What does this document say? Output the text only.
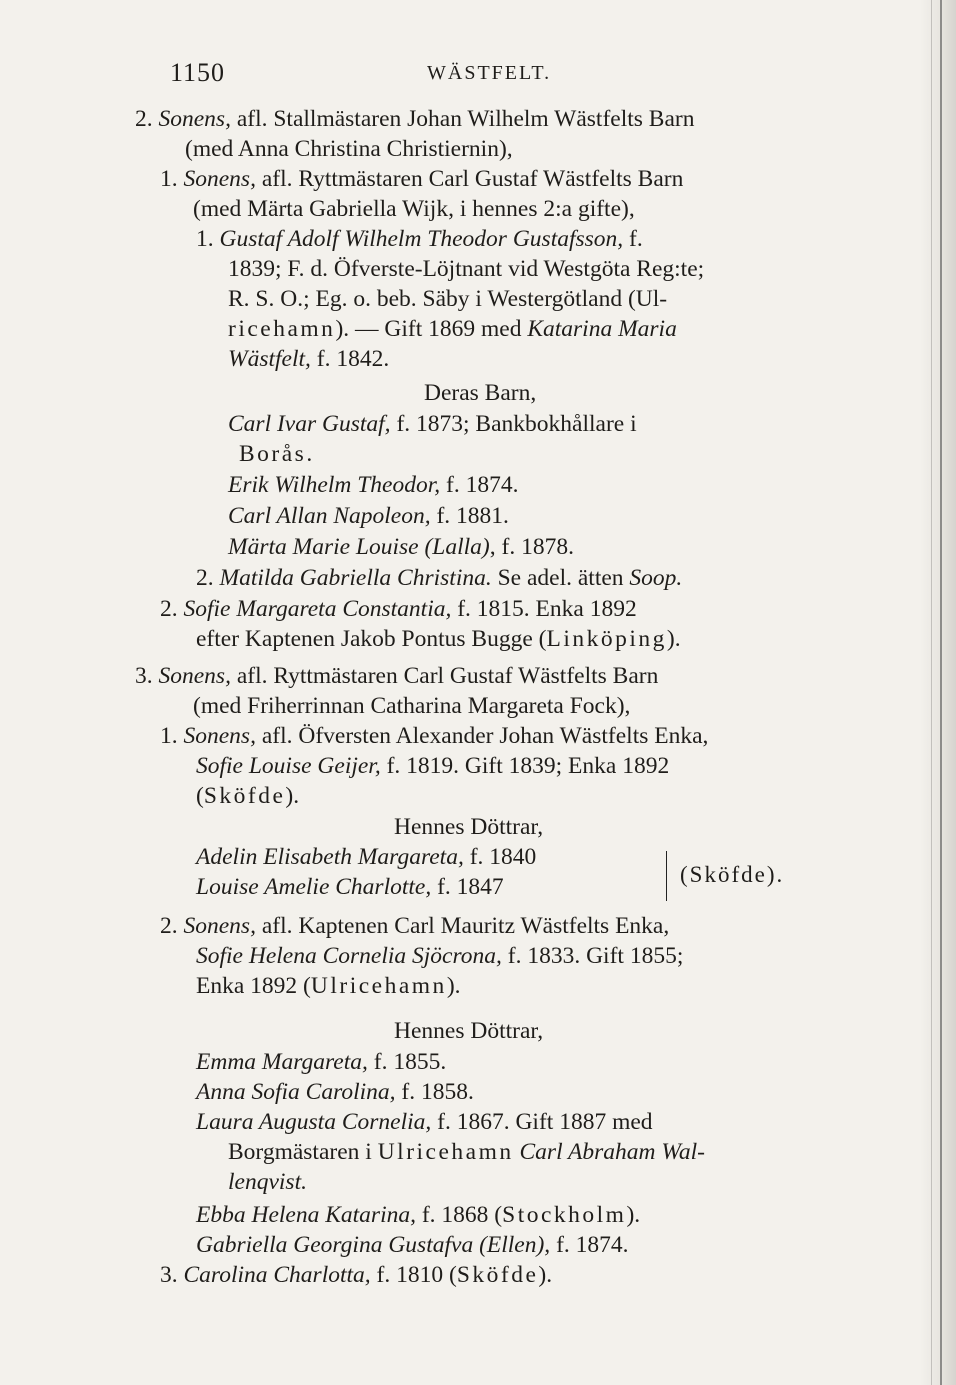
1150	WÄSTFELT.
2. Sonens, afl. Stallmästaren Johan Wilhelm Wästfelts Barn
(med Anna Christina Christiernin),
1. Sonens, afl. Ryttmästaren Carl Gustaf Wästfelts Barn
(med Märta Gabriella Wijk, i hennes 2:a gifte),
1. Gustaf Adolf Wilhelm Theodor Gustafsson, f.
1839; F. d. Öfverste-Löjtnant vid Westgöta Reg:te;
R. S. O.; Eg. o. beb. Säby i Westergötland (Ul-
ricehamn). — Gift 1869 med Katarina Maria
Wästfelt, f. 1842.
Deras Barn,
Carl Ivar Gustaf, f. 1873; Bankbokhållare i
Borås.
Erik Wilhelm Theodor, f. 1874.
Carl Allan Napoleon, f. 1881.
Märta Marie Louise (Lalla), f. 1878.
2. Matilda Gabriella Christina. Se adel. ätten Soop.
2. Sofie Margareta Constantia, f. 1815. Enka 1892
efter Kaptenen Jakob Pontus Bugge (Linköping).
3. Sonens, afl. Ryttmästaren Carl Gustaf Wästfelts Barn
(med Friherrinnan Catharina Margareta Fock),
1. Sonens, afl. Öfversten Alexander Johan Wästfelts Enka,
Sofie Louise Geijer, f. 1819. Gift 1839; Enka 1892
(Sköfde).
Hennes Döttrar,
Adelin Elisabeth Margareta, f. 1840
Louise Amelie Charlotte, f. 1847
2. Sonens, afl. Kaptenen Carl Mauritz Wästfelts Enka,
Sofie Helena Cornelia Sjöcrona, f. 1833. Gift 1855;
Enka 1892 (Ulricehamn).
Hennes Döttrar,
Emma Margareta, f. 1855.
Anna Sofia Carolina, f. 1858.
Laura Augusta Cornelia, f. 1867. Gift 1887 med
Borgmästaren i Ulricehamn Carl Abraham Wal-
lenqvist.
Ebba Helena Katarina, f. 1868 (Stockholm).
Gabriella Georgina Gustafva (Ellen), f. 1874.
3. Carolina Charlotta, f. 1810 (Sköfde).
(Sköfde).
